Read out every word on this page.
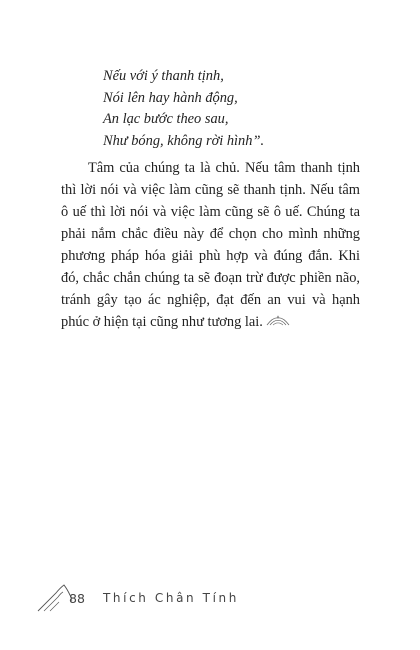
Nếu với ý thanh tịnh,
Nói lên hay hành động,
An lạc bước theo sau,
Như bóng, không rời hình”.
Tâm của chúng ta là chủ. Nếu tâm thanh tịnh
thì lời nói và việc làm cũng sẽ thanh tịnh. Nếu tâm
ô uế thì lời nói và việc làm cũng sẽ ô uế. Chúng ta
phải nắm chắc điều này để chọn cho mình những
phương pháp hóa giải phù hợp và đúng đắn. Khi
đó, chắc chắn chúng ta sẽ đoạn trừ được phiền não,
tránh gây tạo ác nghiệp, đạt đến an vui và hạnh
phúc ở hiện tại cũng như tương lai.
88 Thích Chân Tính
